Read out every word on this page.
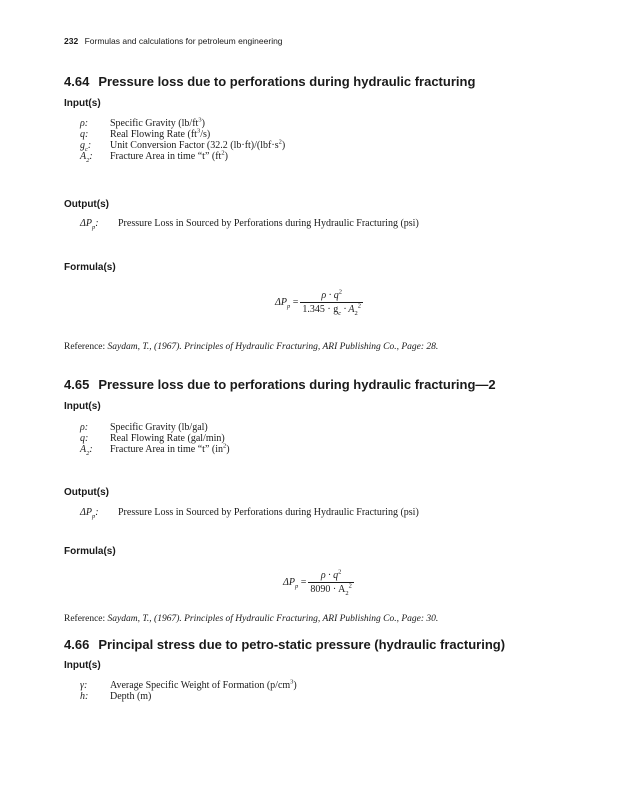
232 Formulas and calculations for petroleum engineering
4.64 Pressure loss due to perforations during hydraulic fracturing
Input(s)
ρ: Specific Gravity $(lb/ft^3)$
q: Real Flowing Rate $(ft^3/s)$
$g_c$: Unit Conversion Factor (32.2 $(lb\cdot ft)/(lbf\cdot s^2)$
$A_2$: Fracture Area in time “t” $(ft^2)$
Output(s)
$\Delta P_p$: Pressure Loss in Sourced by Perforations during Hydraulic Fracturing (psi)
Formula(s)
$\Delta P_p = \frac{\rho \cdot q^2}{1.345 \cdot g_c \cdot A_2^2}$
Reference: Saydam, T., (1967). Principles of Hydraulic Fracturing, ARI Publishing Co., Page: 28.
4.65 Pressure loss due to perforations during hydraulic fracturing—2
Input(s)
ρ: Specific Gravity (lb/gal)
q: Real Flowing Rate (gal/min)
$A_2$: Fracture Area in time “t” $(in^2)$
Output(s)
$\Delta P_p$: Pressure Loss in Sourced by Perforations during Hydraulic Fracturing (psi)
Formula(s)
$\Delta P_p = \frac{\rho \cdot q^2}{8090 \cdot A_2^2}$
Reference: Saydam, T., (1967). Principles of Hydraulic Fracturing, ARI Publishing Co., Page: 30.
4.66 Principal stress due to petro-static pressure (hydraulic fracturing)
Input(s)
γ: Average Specific Weight of Formation $(p/cm^3)$
h: Depth (m)
